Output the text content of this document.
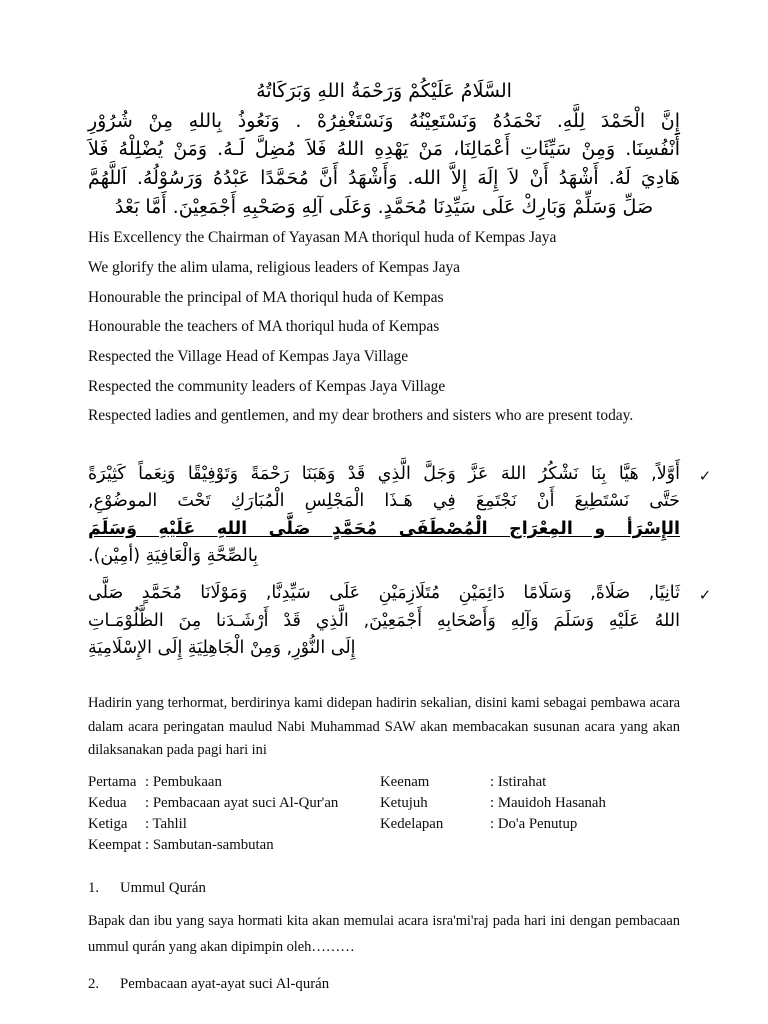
السَّلَامُ عَلَيْكُمْ وَرَحْمَةُ اللهِ وَبَرَكَاتُهُ
إِنَّ الْحَمْدَ لِلَّهِ. نَحْمَدُهُ وَنَسْتَعِيْنُهُ وَنَسْتَغْفِرُهْ . وَنَعُوذُ بِاللهِ مِنْ شُرُوْرِ
أَنْفُسِنَا. وَمِنْ سَيِّئَاتِ أَعْمَالِنَا، مَنْ يَهْدِهِ اللهُ فَلاَ مُضِلَّ لَـهُ. وَمَنْ يُضْلِلْهُ فَلاَ
هَادِيَ لَهُ. أَشْهَدُ أَنْ لاَ إِلَهَ إِلاَّ الله. وَأَشْهَدُ أَنَّ مُحَمَّدًا عَبْدُهُ وَرَسُوْلُهُ. اَللَّهُمَّ
صَلِّ وَسَلِّمْ وَبَارِكْ عَلَى سَيِّدِنَا مُحَمَّدٍ. وَعَلَى آلِهِ وَصَحْبِهِ أَجْمَعِيْنَ. أَمَّا بَعْدُ
His Excellency the Chairman of Yayasan MA thoriqul huda of Kempas Jaya
We glorify the alim ulama, religious leaders of Kempas Jaya
Honourable the principal of MA thoriqul huda of Kempas
Honourable the teachers of MA thoriqul huda of Kempas
Respected the Village Head of Kempas Jaya Village
Respected the community leaders of Kempas Jaya Village
Respected ladies and gentlemen, and my dear brothers and sisters who are present today.
✓
أَوَّلاً, هَيَّا بِنَا نَشْكُرُ اللهَ عَزَّ وَجَلَّ الَّذِي قَدْ وَهَبَنَا رَحْمَةً وَتَوْفِيْقًا وَنِعَماً كَثِيْرَةً
حَتَّى نَسْتَطِيعَ أَنْ نَجْتَمِعَ فِي هَـذَا الْمَجْلِسِ الْمُبَارَكِ تَحْتَ الموضُوْعِ,
الإِسْرَأ و المِعْرَاج الْمُصْطَفَى مُحَمَّدٍ صَلَّى اللهِ عَلَيْهِ وَسَلَمَ
بِالصِّحَّةِ وَالْعَافِيَةِ (أمِيْن).
✓
ثَانِيًا, صَلَاةً, وَسَلَامًا دَائِمَيْنِ مُتَلَازِمَيْنِ عَلَى سَيِّدِنَّا, وَمَوْلَانَا مُحَمَّدٍ صَلَّى
اللهُ عَلَيْهِ وَسَلَمَ وَآلِهِ وَأَصْحَابِهِ أَجْمَعِيْنَ, الَّذِي قَدْ أَرْشَـدَنا مِنَ الظَّلُوْمَـاتِ
إِلَى النُّوْرِ, وَمِنْ الْجَاهِلِيَةِ إِلَى الإِسْلَامِيَةِ

Hadirin yang terhormat, berdirinya kami didepan hadirin sekalian, disini kami sebagai pembawa acara dalam acara peringatan maulud Nabi Muhammad SAW akan membacakan susunan acara yang akan dilaksanakan pada pagi hari ini

Pertama : Pembukaan	Keenam	: Istirahat
Kedua	: Pembacaan ayat suci Al-Qur'an	Ketujuh	: Mauidoh Hasanah
Ketiga	: Tahlil	Kedelapan	: Do'a Penutup
Keempat : Sambutan-sambutan
1.	Ummul Qurán

Bapak dan ibu yang saya hormati kita akan memulai acara isra'mi'raj pada hari ini dengan pembacaan ummul qurán yang akan dipimpin oleh………

2.	Pembacaan ayat-ayat suci Al-qurán
